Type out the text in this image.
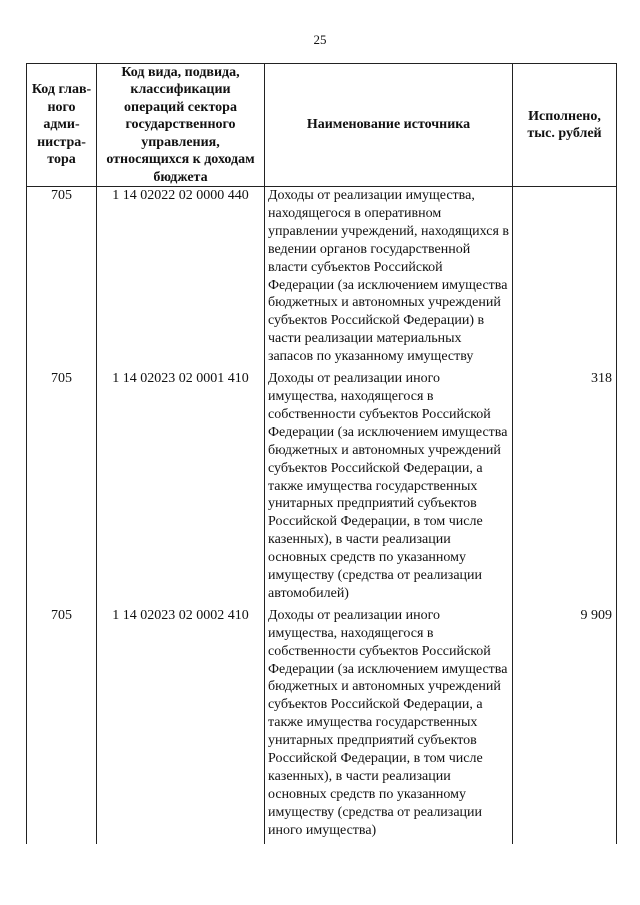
25
Код глав-ного адми-нистра-тора	Код вида, подвида, классификации операций сектора государственного управления, относящихся к доходам бюджета	Наименование источника	Исполнено, тыс. рублей
705	1 14 02022 02 0000 440	Доходы от реализации имущества, находящегося в оперативном управлении учреждений, находящихся в ведении органов государственной власти субъектов Российской Федерации (за исключением имущества бюджетных и автономных учреждений субъектов Российской Федерации) в части реализации материальных запасов по указанному имуществу	
705	1 14 02023 02 0001 410	Доходы от реализации иного имущества, находящегося в собственности субъектов Российской Федерации (за исключением имущества бюджетных и автономных учреждений субъектов Российской Федерации, а также имущества государственных унитарных предприятий субъектов Российской Федерации, в том числе казенных), в части реализации основных средств по указанному имуществу (средства от реализации автомобилей)	318
705	1 14 02023 02 0002 410	Доходы от реализации иного имущества, находящегося в собственности субъектов Российской Федерации (за исключением имущества бюджетных и автономных учреждений субъектов Российской Федерации, а также имущества государственных унитарных предприятий субъектов Российской Федерации, в том числе казенных), в части реализации основных средств по указанному имуществу (средства от реализации иного имущества)	9 909
